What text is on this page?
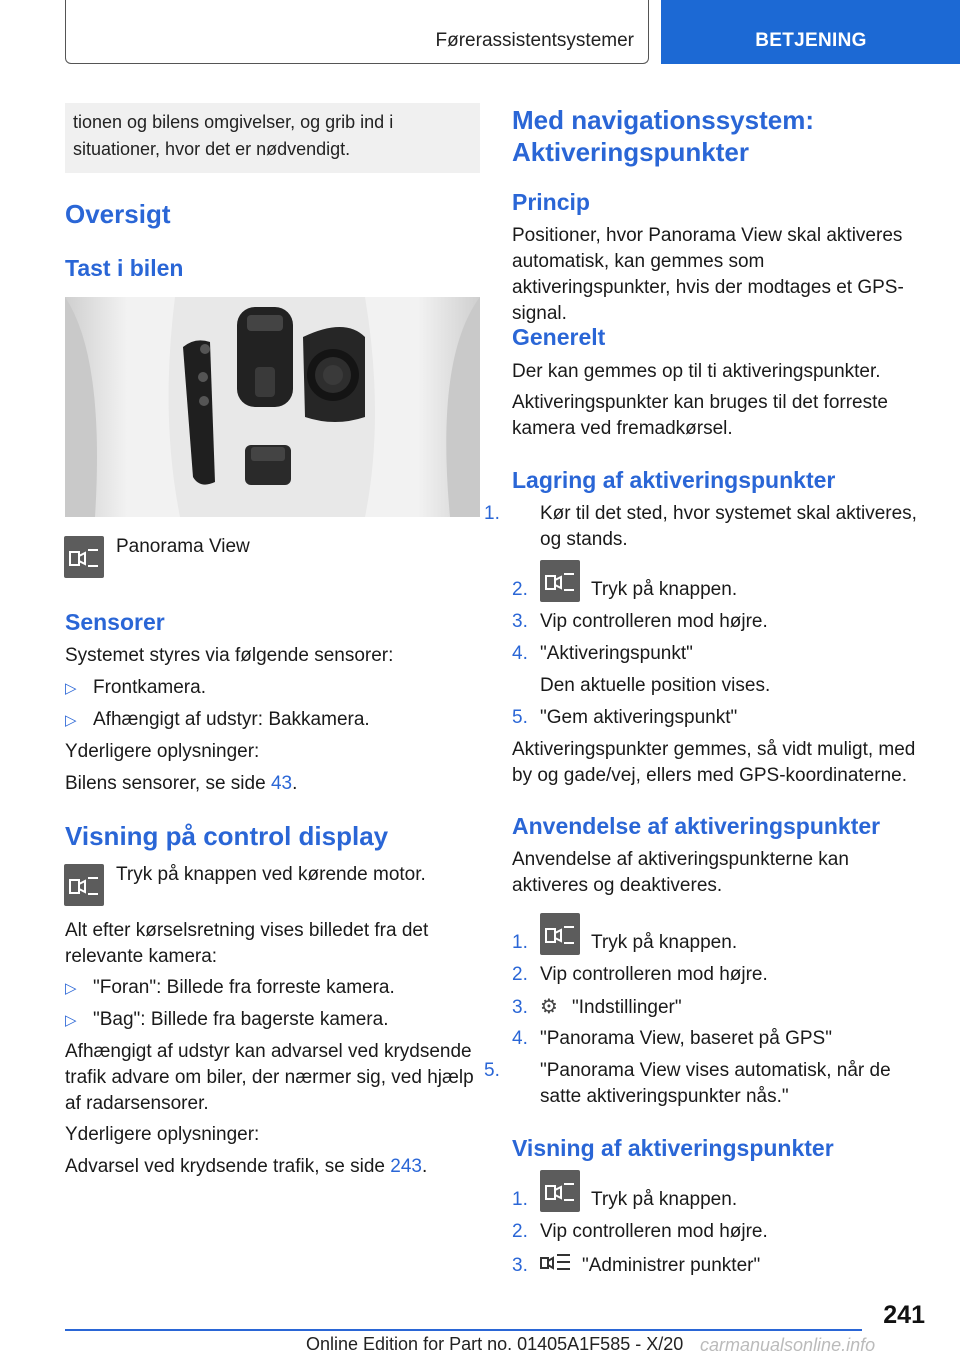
Førerassistentsystemer	BETJENING
tionen og bilens omgivelser, og grib ind i situationer, hvor det er nødvendigt.
Oversigt
Tast i bilen
Panorama View
Sensorer
Systemet styres via følgende sensorer:
▷ Frontkamera.
▷ Afhængigt af udstyr: Bakkamera.
Yderligere oplysninger:
Bilens sensorer, se side 43.
Visning på control display
Tryk på knappen ved kørende motor.
Alt efter kørselsretning vises billedet fra det relevante kamera:
▷ "Foran": Billede fra forreste kamera.
▷ "Bag": Billede fra bagerste kamera.
Afhængigt af udstyr kan advarsel ved krydsende trafik advare om biler, der nærmer sig, ved hjælp af radarsensorer.
Yderligere oplysninger:
Advarsel ved krydsende trafik, se side 243.
Med navigationssystem: Aktiveringspunkter
Princip
Positioner, hvor Panorama View skal aktiveres automatisk, kan gemmes som aktiveringspunkter, hvis der modtages et GPS-signal.
Generelt
Der kan gemmes op til ti aktiveringspunkter.
Aktiveringspunkter kan bruges til det forreste kamera ved fremadkørsel.
Lagring af aktiveringspunkter
1. Kør til det sted, hvor systemet skal aktiveres, og stands.
2.	Tryk på knappen.
3. Vip controlleren mod højre.
4. "Aktiveringspunkt"
Den aktuelle position vises.
5. "Gem aktiveringspunkt"
Aktiveringspunkter gemmes, så vidt muligt, med by og gade/vej, ellers med GPS-koordinaterne.
Anvendelse af aktiveringspunkter
Anvendelse af aktiveringspunkterne kan aktiveres og deaktiveres.
1.	Tryk på knappen.
2. Vip controlleren mod højre.
3. ⚙ "Indstillinger"
4. "Panorama View, baseret på GPS"
5. "Panorama View vises automatisk, når de satte aktiveringspunkter nås."
Visning af aktiveringspunkter
1.	Tryk på knappen.
2. Vip controlleren mod højre.
3.	"Administrer punkter"
241
Online Edition for Part no. 01405A1F585 - X/20 carmanualsonline.info
